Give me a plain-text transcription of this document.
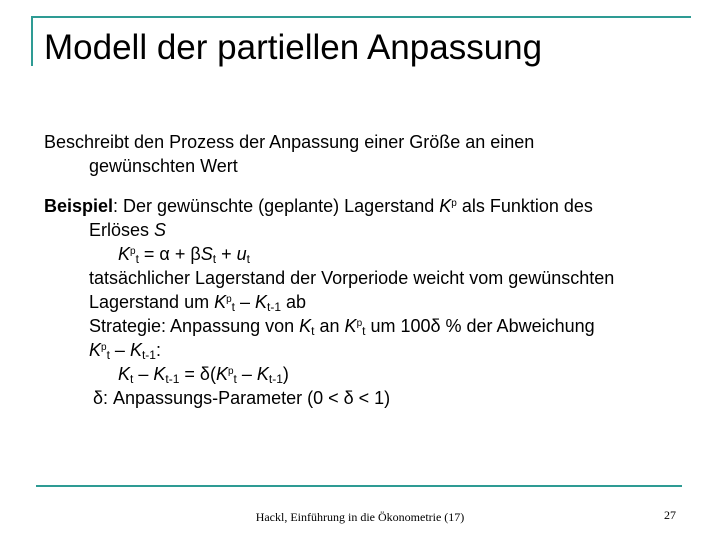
Modell der partiellen Anpassung
Beschreibt den Prozess der Anpassung einer Größe an einen
gewünschten Wert
Beispiel: Der gewünschte (geplante) Lagerstand $K^p$ als Funktion des
Erlöses S
$K^p_t = \alpha + \beta S_t + u_t$
tatsächlicher Lagerstand der Vorperiode weicht vom gewünschten
Lagerstand um $K^p_t - K_{t-1}$ ab
Strategie: Anpassung von $K_t$ an $K^p_t$ um 100δ % der Abweichung
$K^p_t - K_{t-1}$:
$K_t - K_{t-1} = \delta(K^p_t - K_{t-1})$
δ: Anpassungs-Parameter (0 < δ < 1)
Hackl, Einführung in die Ökonometrie (17)	27
